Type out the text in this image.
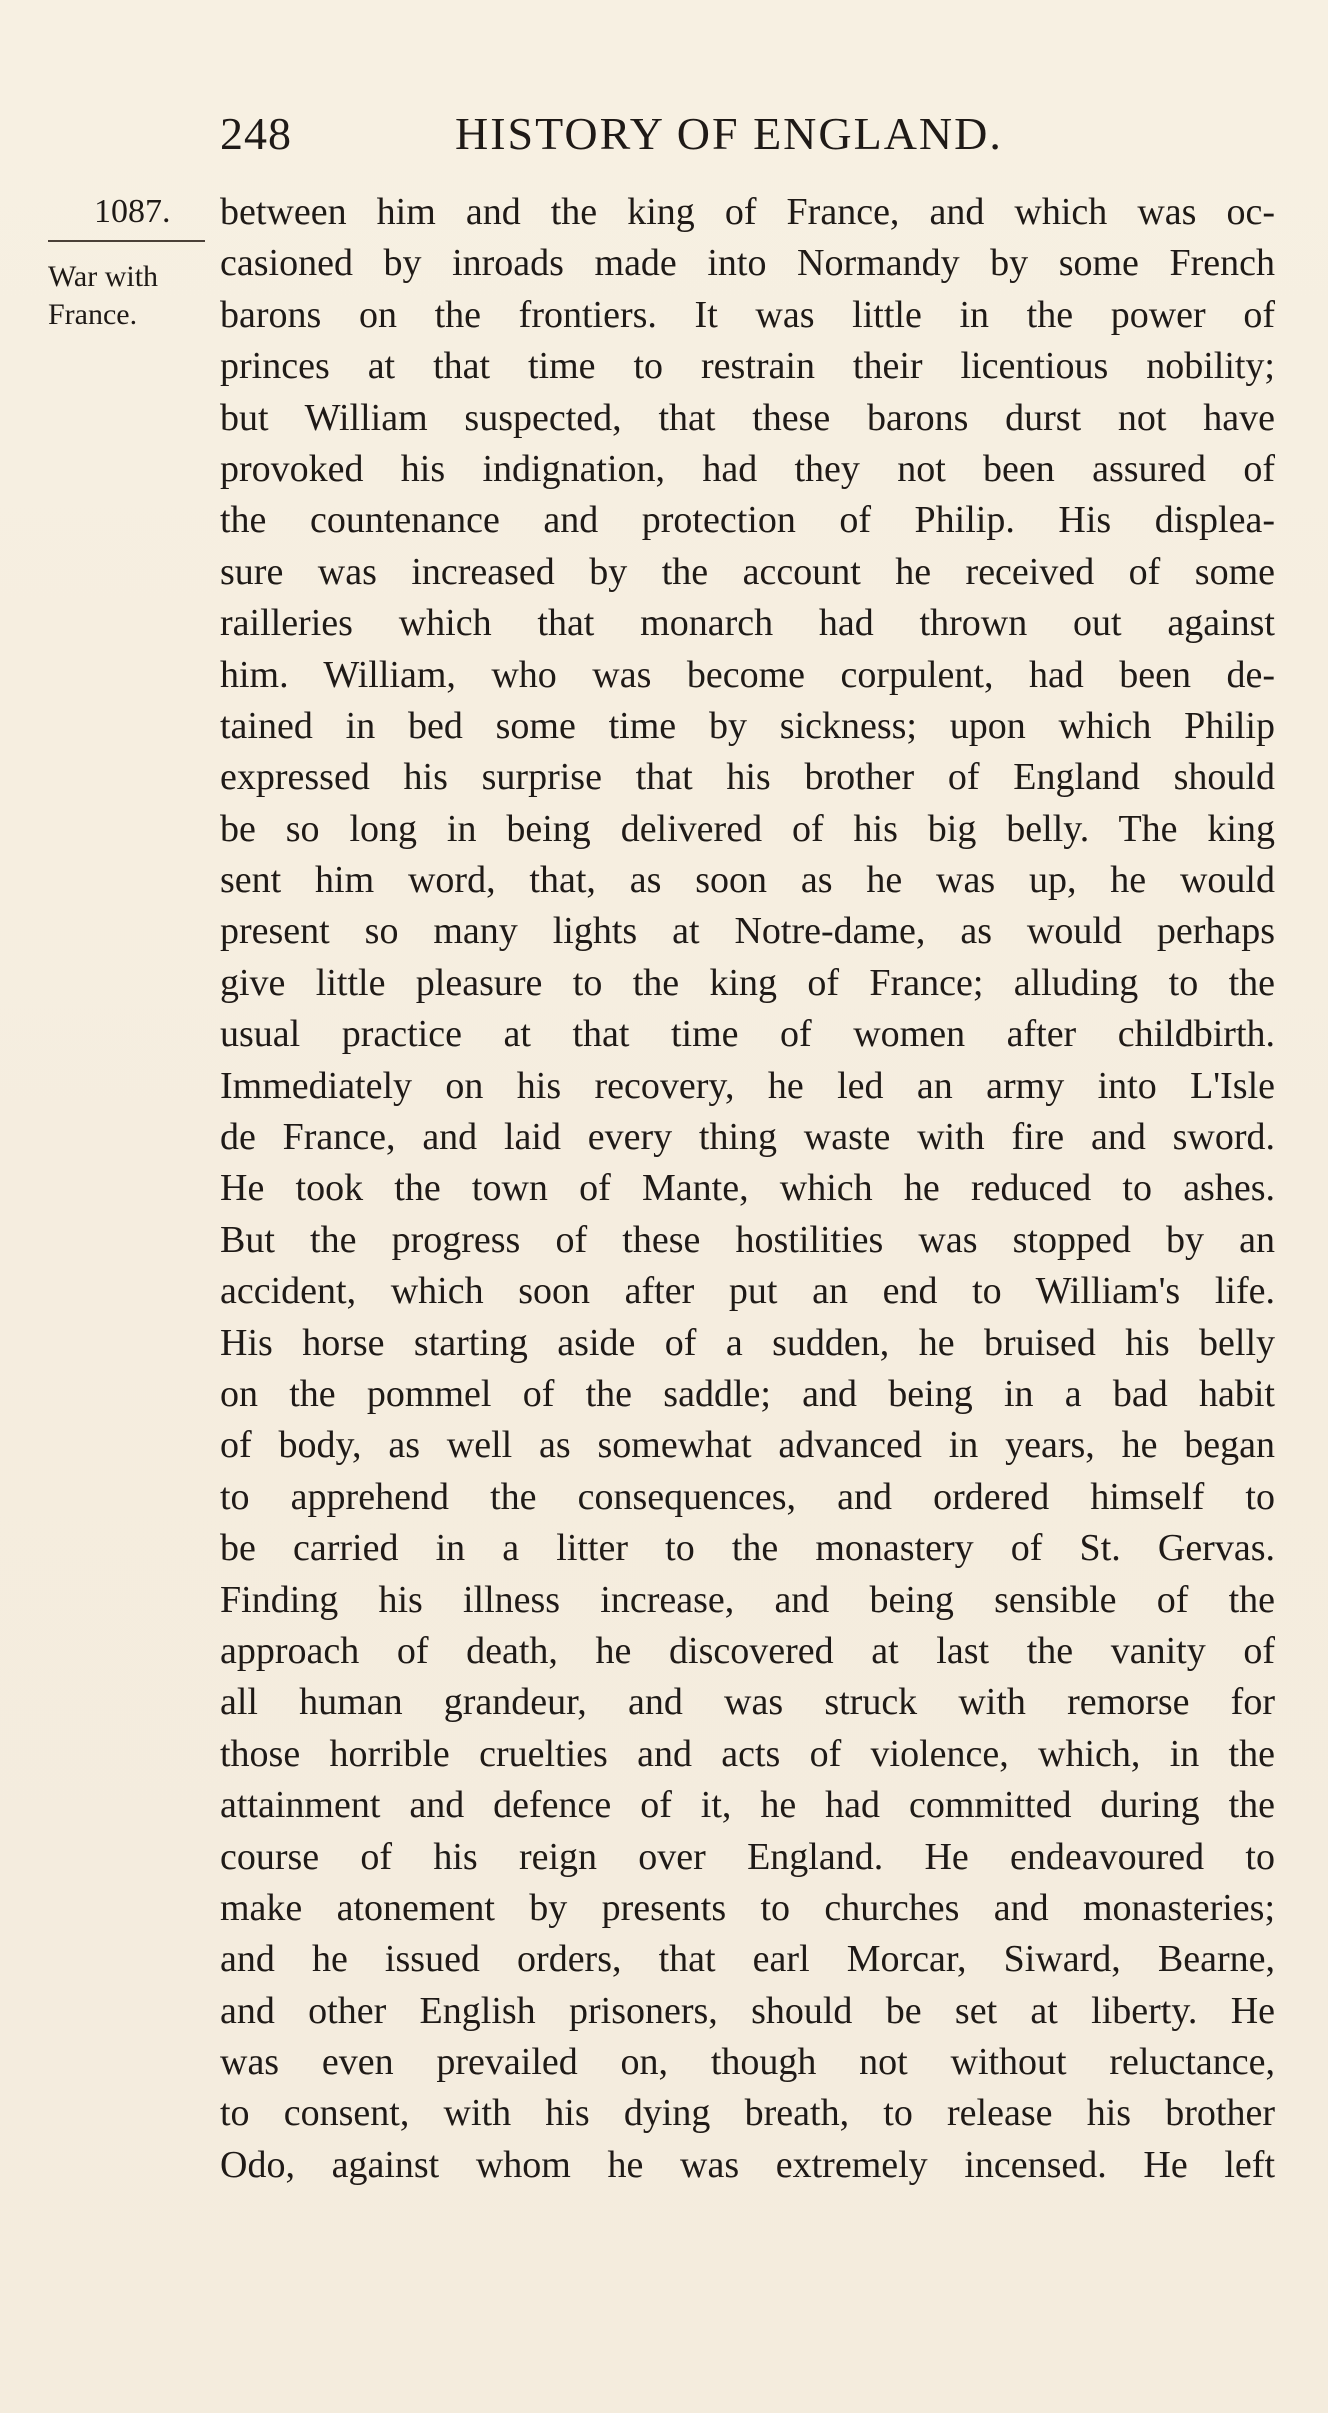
248	HISTORY OF ENGLAND.
1087.
War with
France.
between him and the king of France, and which was oc-
casioned by inroads made into Normandy by some French
barons on the frontiers. It was little in the power of
princes at that time to restrain their licentious nobility;
but William suspected, that these barons durst not have
provoked his indignation, had they not been assured of
the countenance and protection of Philip. His displea-
sure was increased by the account he received of some
railleries which that monarch had thrown out against
him. William, who was become corpulent, had been de-
tained in bed some time by sickness; upon which Philip
expressed his surprise that his brother of England should
be so long in being delivered of his big belly. The king
sent him word, that, as soon as he was up, he would
present so many lights at Notre-dame, as would perhaps
give little pleasure to the king of France; alluding to the
usual practice at that time of women after childbirth.
Immediately on his recovery, he led an army into L'Isle
de France, and laid every thing waste with fire and sword.
He took the town of Mante, which he reduced to ashes.
But the progress of these hostilities was stopped by an
accident, which soon after put an end to William's life.
His horse starting aside of a sudden, he bruised his belly
on the pommel of the saddle; and being in a bad habit
of body, as well as somewhat advanced in years, he began
to apprehend the consequences, and ordered himself to
be carried in a litter to the monastery of St. Gervas.
Finding his illness increase, and being sensible of the
approach of death, he discovered at last the vanity of
all human grandeur, and was struck with remorse for
those horrible cruelties and acts of violence, which, in the
attainment and defence of it, he had committed during the
course of his reign over England. He endeavoured to
make atonement by presents to churches and monasteries;
and he issued orders, that earl Morcar, Siward, Bearne,
and other English prisoners, should be set at liberty. He
was even prevailed on, though not without reluctance,
to consent, with his dying breath, to release his brother
Odo, against whom he was extremely incensed. He left
